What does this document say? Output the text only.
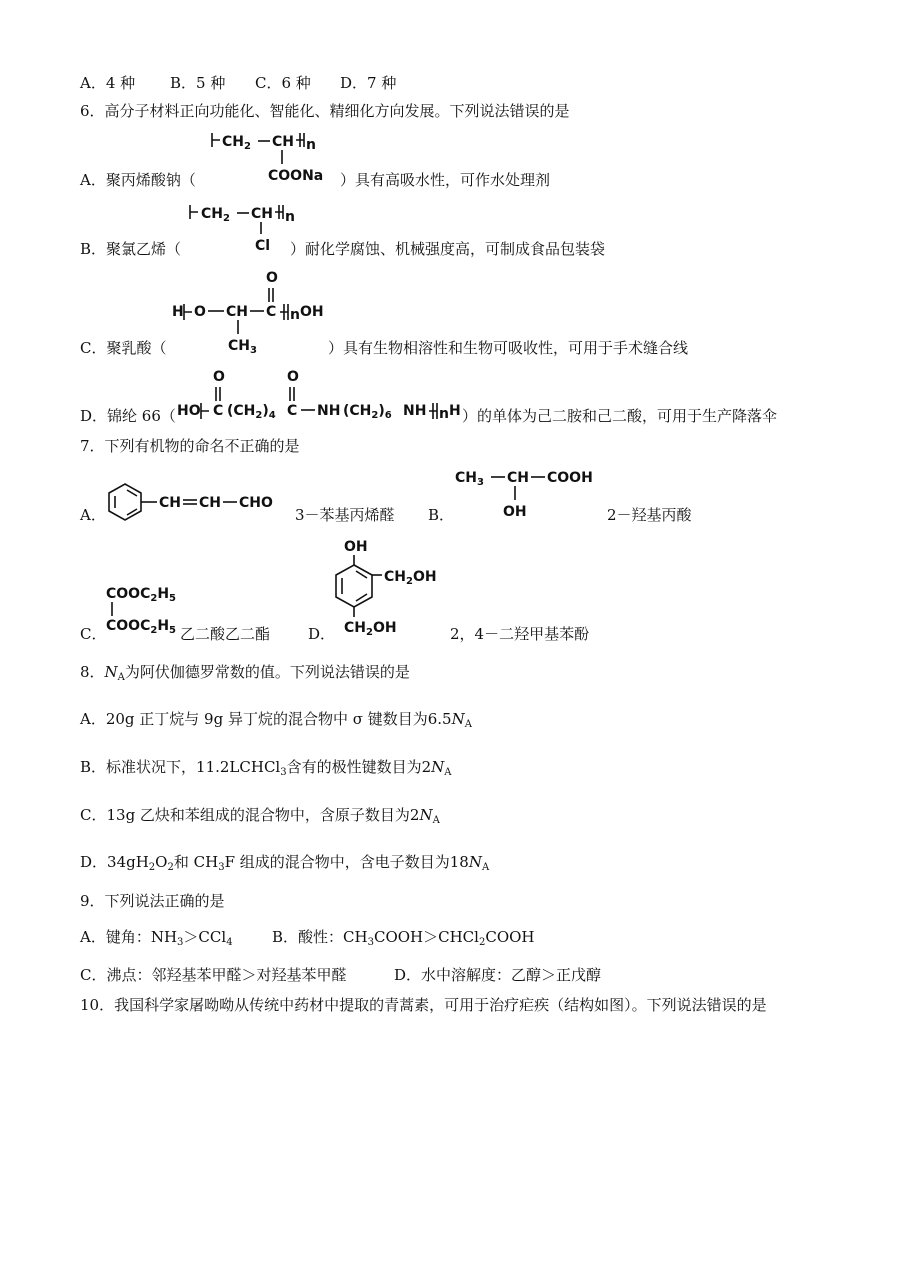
A．4 种 B．5 种 C．6 种 D．7 种
6．高分子材料正向功能化、智能化、精细化方向发展。下列说法错误的是
$CH_2$ CH n
COONa
A．聚丙烯酸钠（	）具有高吸水性，可作水处理剂
$CH_2$ CH n
Cl
B．聚氯乙烯（	）耐化学腐蚀、机械强度高，可制成食品包装袋
H O CH C n OH
O
$CH_3$
C．聚乳酸（	）具有生物相溶性和生物可吸收性，可用于手术缝合线
HO C $(CH_2)_4$ C NH $(CH_2)_6$ NH n H
O	O
D．锦纶 66（	）的单体为己二胺和己二酸，可用于生产降落伞
7．下列有机物的命名不正确的是
A．
CH CH CHO
3－苯基丙烯醛 B．
$CH_3$ CH COOH
OH	2－羟基丙酸
$COOC_2H_5$
$COOC_2H_5$
C．	乙二酸乙二酯	D．
OH
$CH_2OH$
$CH_2OH$	2，4－二羟甲基苯酚
8．$N_A$为阿伏伽德罗常数的值。下列说法错误的是
A．20g 正丁烷与 9g 异丁烷的混合物中 σ 键数目为$6.5N_A$
B．标准状况下，11.2LCHCl$_3$含有的极性键数目为$2N_A$
C．13g 乙炔和苯组成的混合物中，含原子数目为$2N_A$
D．$34gH_2O_2$和 $CH_3F$ 组成的混合物中，含电子数目为$18N_A$
9．下列说法正确的是
A．键角：$NH_3>CCl_4$	B．酸性：$CH_3COOH>CHCl_2COOH$
C．沸点：邻羟基苯甲醛＞对羟基苯甲醛	D．水中溶解度：乙醇＞正戊醇
10．我国科学家屠呦呦从传统中药材中提取的青蒿素，可用于治疗疟疾（结构如图）。下列说法错误的是
